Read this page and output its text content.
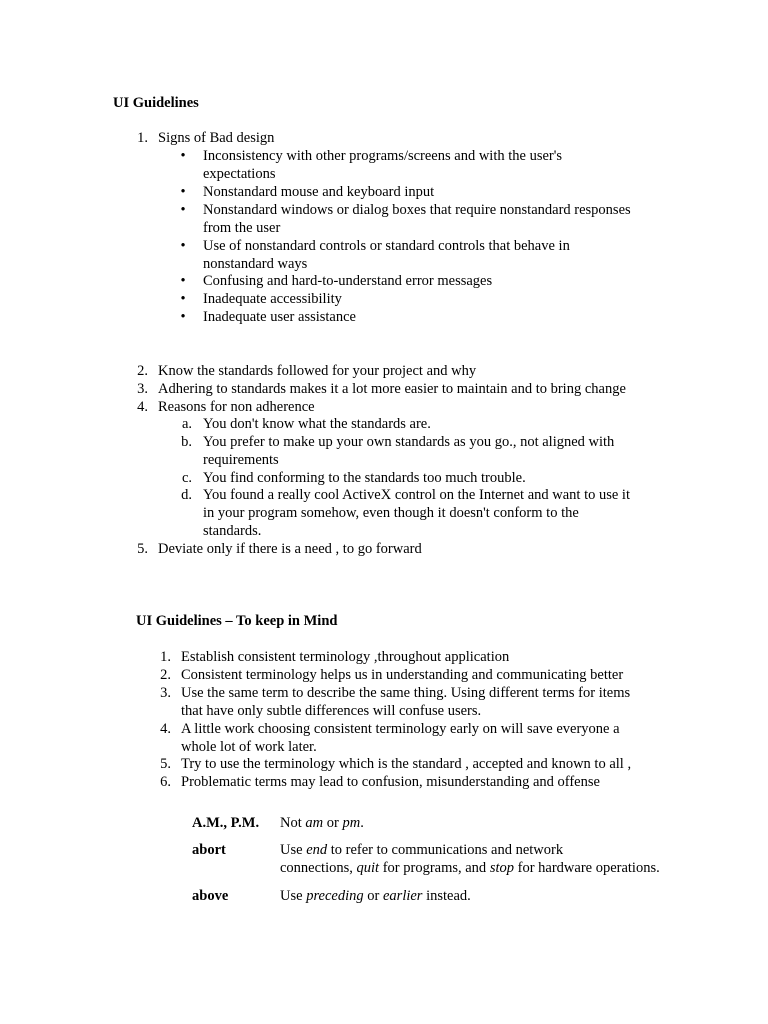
UI Guidelines
1. Signs of Bad design
• Inconsistency with other programs/screens and with the user's
expectations
• Nonstandard mouse and keyboard input
• Nonstandard windows or dialog boxes that require nonstandard responses
from the user
• Use of nonstandard controls or standard controls that behave in
nonstandard ways
• Confusing and hard-to-understand error messages
• Inadequate accessibility
• Inadequate user assistance
2. Know the standards followed for your project and why
3. Adhering to standards makes it a lot more easier to maintain and to bring change
4. Reasons for non adherence
a. You don't know what the standards are.
b. You prefer to make up your own standards as you go., not aligned with
requirements
c. You find conforming to the standards too much trouble.
d. You found a really cool ActiveX control on the Internet and want to use it
in your program somehow, even though it doesn't conform to the
standards.
5. Deviate only if there is a need , to go forward
UI Guidelines – To keep in Mind
1. Establish consistent terminology ,throughout application
2. Consistent terminology helps us in understanding and communicating better
3. Use the same term to describe the same thing. Using different terms for items
that have only subtle differences will confuse users.
4. A little work choosing consistent terminology early on will save everyone a
whole lot of work later.
5. Try to use the terminology which is the standard , accepted and known to all ,
6. Problematic terms may lead to confusion, misunderstanding and offense
A.M., P.M. Not am or pm.
abort	Use end to refer to communications and network
connections, quit for programs, and stop for hardware operations.
above	Use preceding or earlier instead.
